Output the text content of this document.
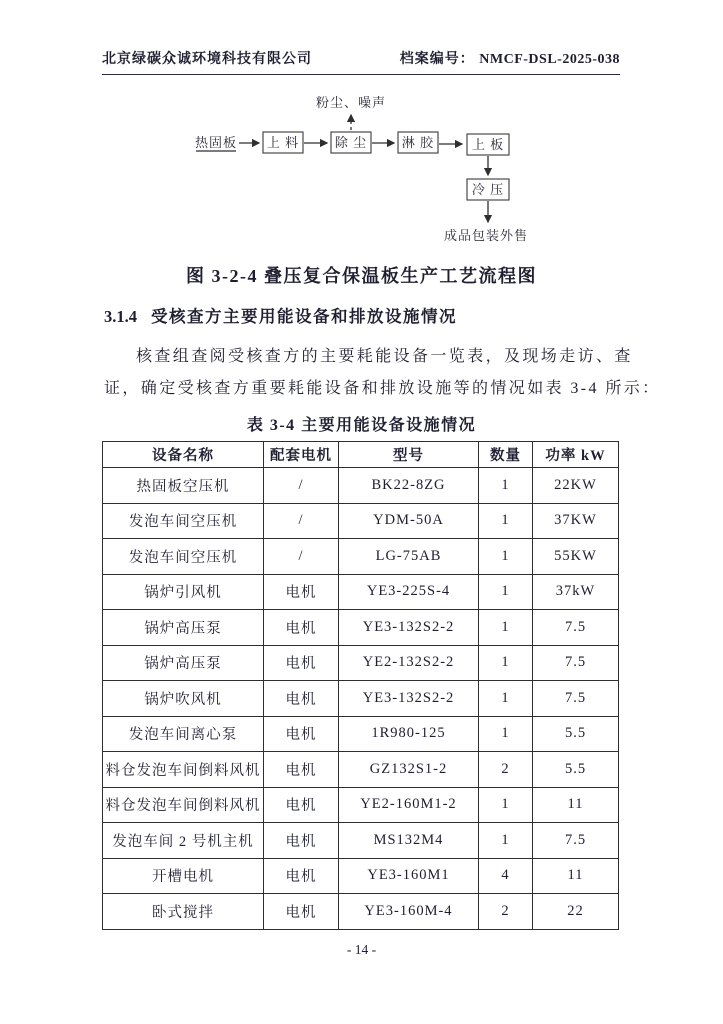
北京绿碳众诚环境科技有限公司	档案编号： NMCF-DSL-2025-038
粉尘、噪声
热固板 上 料	除 尘	淋 胶	上 板
冷 压
成品包装外售
图 3-2-4 叠压复合保温板生产工艺流程图
3.1.4 受核查方主要用能设备和排放设施情况
核查组查阅受核查方的主要耗能设备一览表，及现场走访、查
证，确定受核查方重要耗能设备和排放设施等的情况如表 3-4 所示：
表 3-4 主要用能设备设施情况
设备名称	配套电机	型号	数量	功率 kW
热固板空压机	/	BK22-8ZG	1	22KW
发泡车间空压机	/	YDM-50A	1	37KW
发泡车间空压机	/	LG-75AB	1	55KW
锅炉引风机	电机	YE3-225S-4	1	37kW
锅炉高压泵	电机	YE3-132S2-2	1	7.5
锅炉高压泵	电机	YE2-132S2-2	1	7.5
锅炉吹风机	电机	YE3-132S2-2	1	7.5
发泡车间离心泵	电机	1R980-125	1	5.5
料仓发泡车间倒料风机	电机	GZ132S1-2	2	5.5
料仓发泡车间倒料风机	电机	YE2-160M1-2	1	11
发泡车间 2 号机主机	电机	MS132M4	1	7.5
开槽电机	电机	YE3-160M1	4	11
卧式搅拌	电机	YE3-160M-4	2	22
- 14 -
